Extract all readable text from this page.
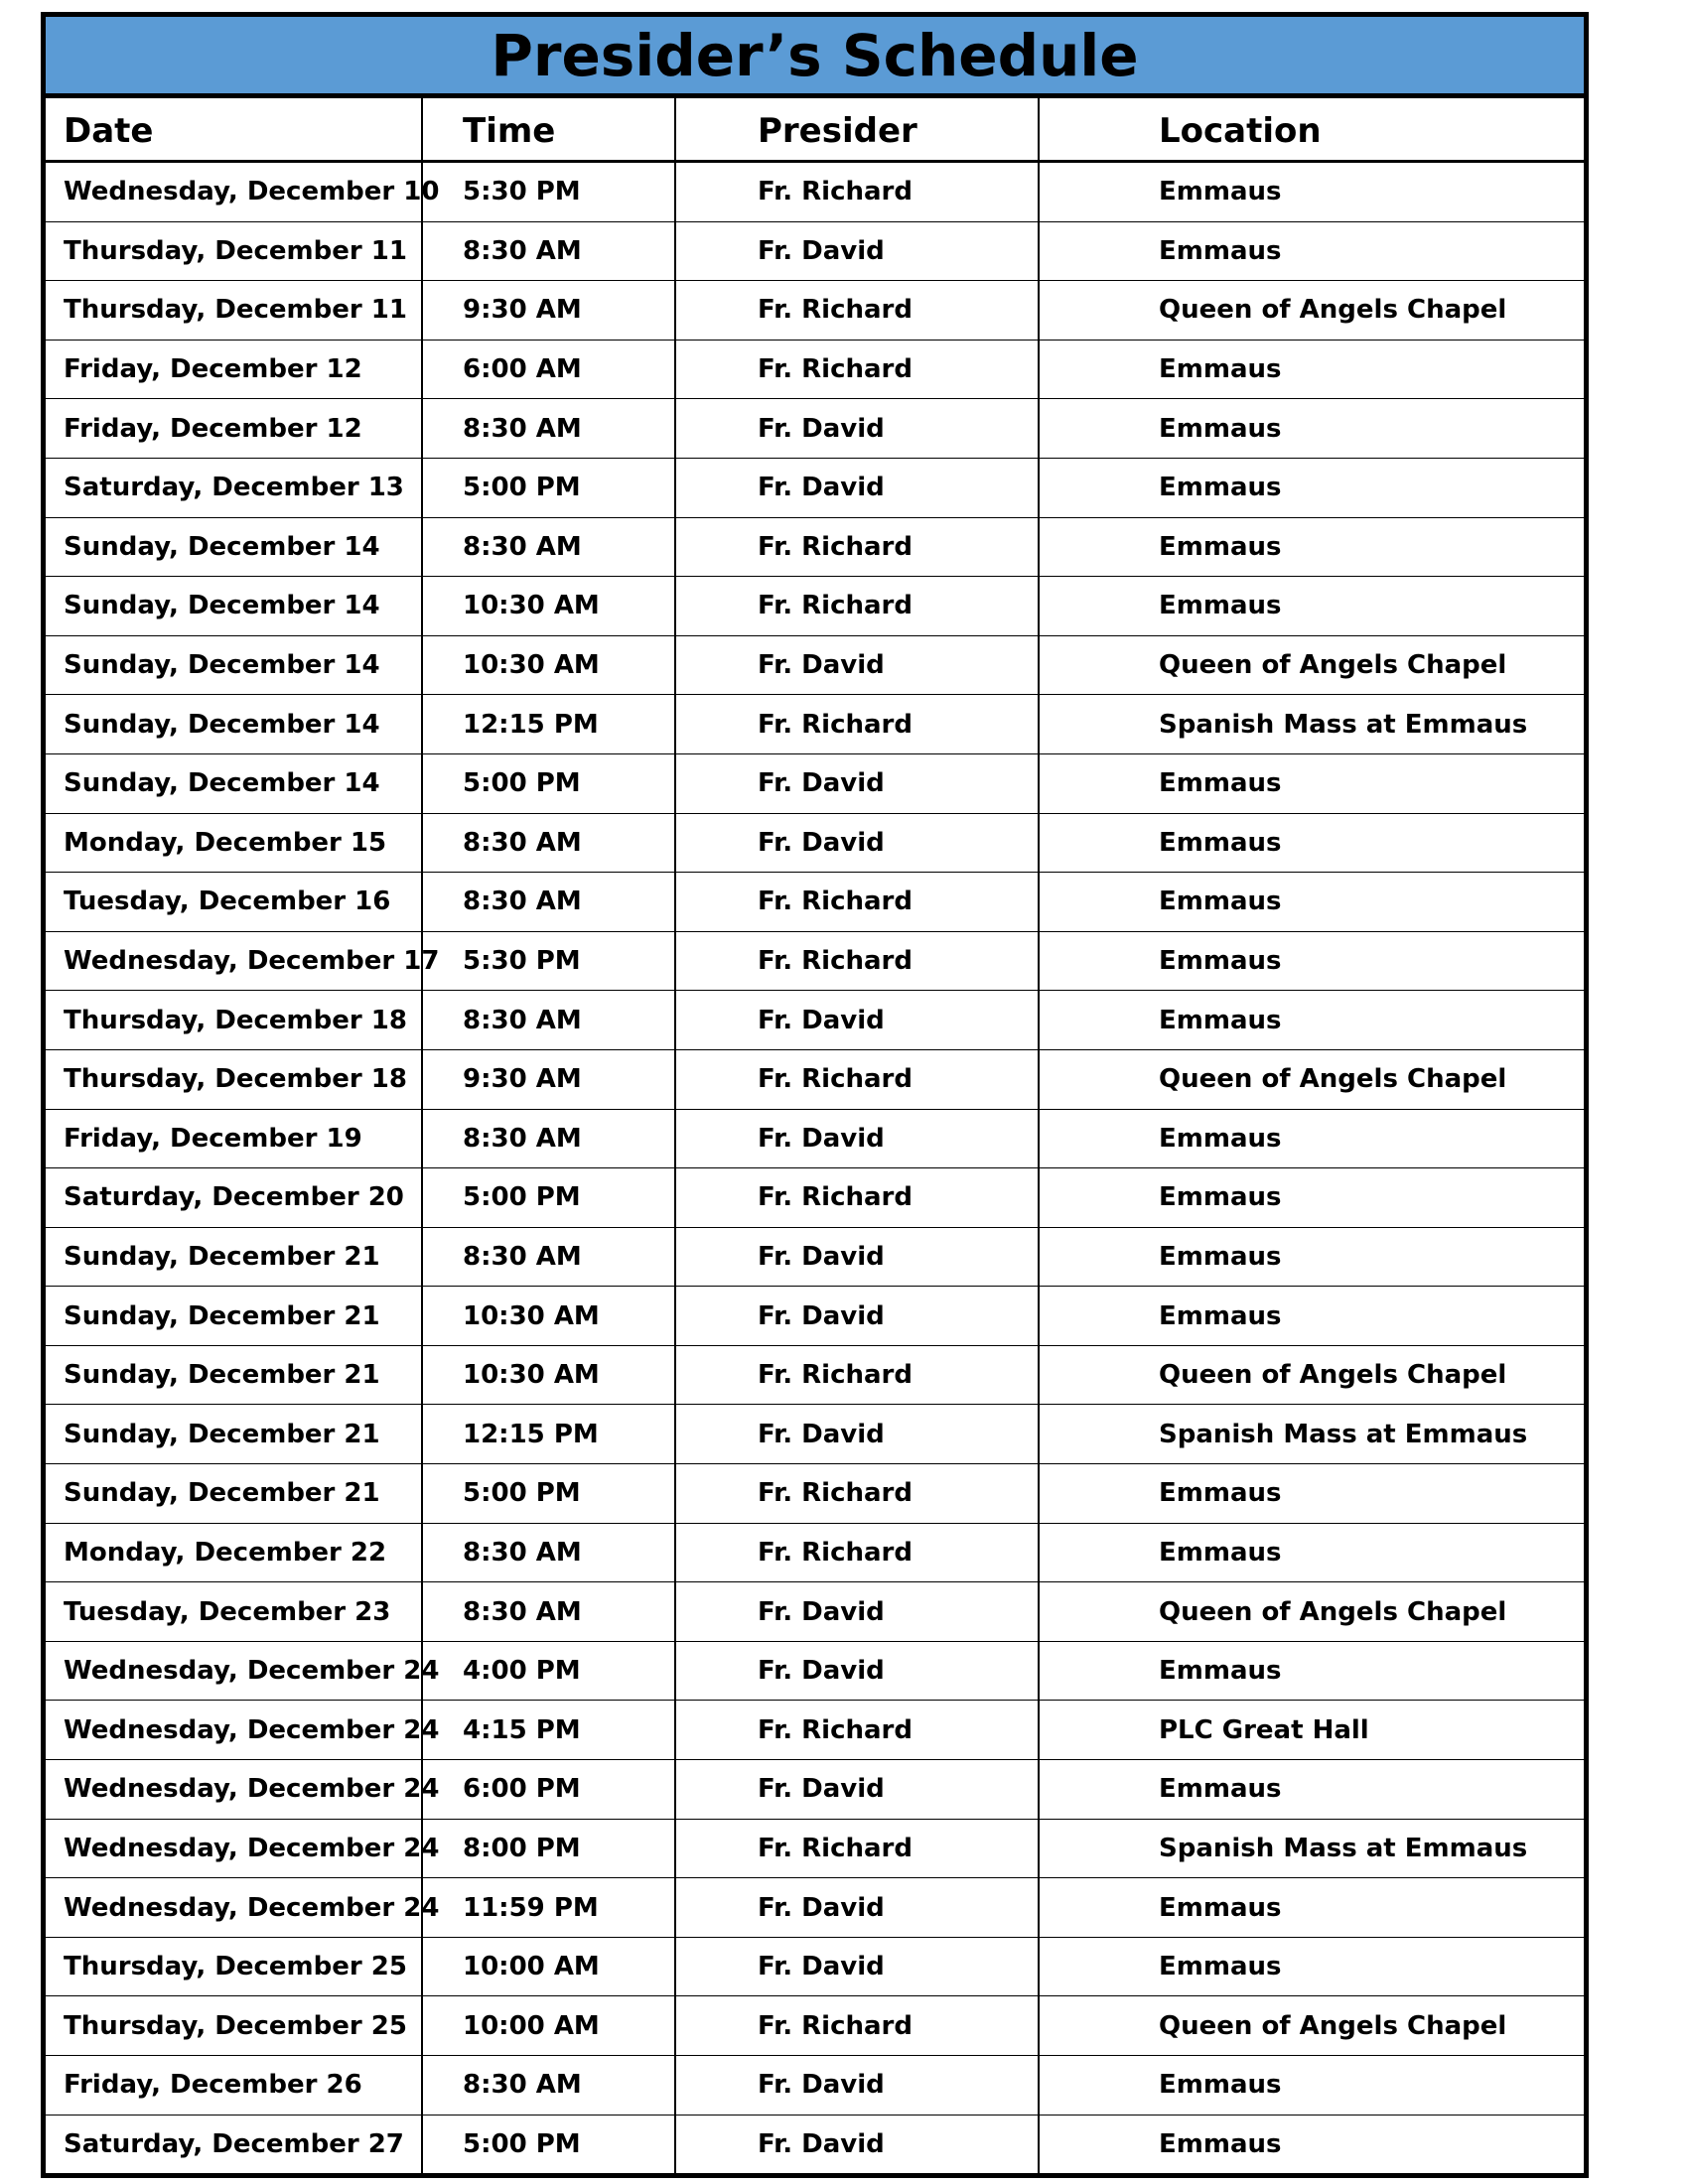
Presider’s Schedule
Date	Time	Presider	Location
Wednesday, December 10	5:30 PM	Fr. Richard	Emmaus
Thursday, December 11	8:30 AM	Fr. David	Emmaus
Thursday, December 11	9:30 AM	Fr. Richard	Queen of Angels Chapel
Friday, December 12	6:00 AM	Fr. Richard	Emmaus
Friday, December 12	8:30 AM	Fr. David	Emmaus
Saturday, December 13	5:00 PM	Fr. David	Emmaus
Sunday, December 14	8:30 AM	Fr. Richard	Emmaus
Sunday, December 14	10:30 AM	Fr. Richard	Emmaus
Sunday, December 14	10:30 AM	Fr. David	Queen of Angels Chapel
Sunday, December 14	12:15 PM	Fr. Richard	Spanish Mass at Emmaus
Sunday, December 14	5:00 PM	Fr. David	Emmaus
Monday, December 15	8:30 AM	Fr. David	Emmaus
Tuesday, December 16	8:30 AM	Fr. Richard	Emmaus
Wednesday, December 17	5:30 PM	Fr. Richard	Emmaus
Thursday, December 18	8:30 AM	Fr. David	Emmaus
Thursday, December 18	9:30 AM	Fr. Richard	Queen of Angels Chapel
Friday, December 19	8:30 AM	Fr. David	Emmaus
Saturday, December 20	5:00 PM	Fr. Richard	Emmaus
Sunday, December 21	8:30 AM	Fr. David	Emmaus
Sunday, December 21	10:30 AM	Fr. David	Emmaus
Sunday, December 21	10:30 AM	Fr. Richard	Queen of Angels Chapel
Sunday, December 21	12:15 PM	Fr. David	Spanish Mass at Emmaus
Sunday, December 21	5:00 PM	Fr. Richard	Emmaus
Monday, December 22	8:30 AM	Fr. Richard	Emmaus
Tuesday, December 23	8:30 AM	Fr. David	Queen of Angels Chapel
Wednesday, December 24	4:00 PM	Fr. David	Emmaus
Wednesday, December 24	4:15 PM	Fr. Richard	PLC Great Hall
Wednesday, December 24	6:00 PM	Fr. David	Emmaus
Wednesday, December 24	8:00 PM	Fr. Richard	Spanish Mass at Emmaus
Wednesday, December 24	11:59 PM	Fr. David	Emmaus
Thursday, December 25	10:00 AM	Fr. David	Emmaus
Thursday, December 25	10:00 AM	Fr. Richard	Queen of Angels Chapel
Friday, December 26	8:30 AM	Fr. David	Emmaus
Saturday, December 27	5:00 PM	Fr. David	Emmaus
